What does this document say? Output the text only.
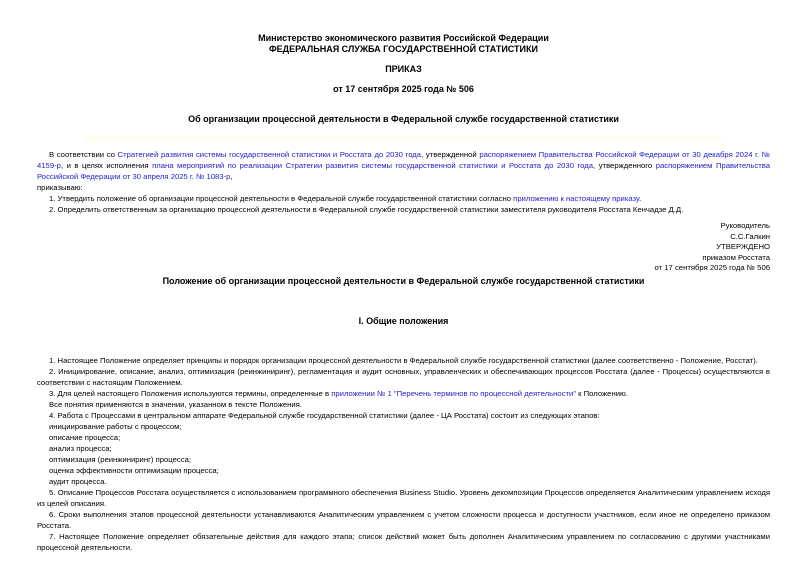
Министерство экономического развития Российской Федерации
ФЕДЕРАЛЬНАЯ СЛУЖБА ГОСУДАРСТВЕННОЙ СТАТИСТИКИ
ПРИКАЗ
от 17 сентября 2025 года № 506
Об организации процессной деятельности в Федеральной службе государственной статистики

В соответствии со Стратегией развития системы государственной статистики и Росстата до 2030 года, утвержденной распоряжением Правительства Российской Федерации от 30 декабря 2024 г. № 4159-р, и в целях исполнения плана мероприятий по реализации Стратегии развития системы государственной статистики и Росстата до 2030 года, утвержденного распоряжением Правительства Российской Федерации от 30 апреля 2025 г. № 1083-р,

приказываю:

1. Утвердить положение об организации процессной деятельности в Федеральной службе государственной статистики согласно приложению к настоящему приказу.

2. Определить ответственным за организацию процессной деятельности в Федеральной службе государственной статистики заместителя руководителя Росстата Кенчадзе Д.Д.

Руководитель
С.С.Галкин
УТВЕРЖДЕНО
приказом Росстата
от 17 сентября 2025 года № 506
Положение об организации процессной деятельности в Федеральной службе государственной статистики
I. Общие положения

1. Настоящее Положение определяет принципы и порядок организации процессной деятельности в Федеральной службе государственной статистики (далее соответственно - Положение, Росстат).

2. Инициирование, описание, анализ, оптимизация (реинжиниринг), регламентация и аудит основных, управленческих и обеспечивающих процессов Росстата (далее - Процессы) осуществляются в соответствии с настоящим Положением.

3. Для целей настоящего Положения используются термины, определенные в приложении № 1 "Перечень терминов по процессной деятельности" к Положению.

Все понятия применяются в значении, указанном в тексте Положения.

4. Работа с Процессами в центральном аппарате Федеральной службе государственной статистики (далее - ЦА Росстата) состоит из следующих этапов:

инициирование работы с процессом;

описание процесса;

анализ процесса;

оптимизация (реинжиниринг) процесса;

оценка эффективности оптимизации процесса;

аудит процесса.

5. Описание Процессов Росстата осуществляется с использованием программного обеспечения Business Studio. Уровень декомпозиции Процессов определяется Аналитическим управлением исходя из целей описания.

6. Сроки выполнения этапов процессной деятельности устанавливаются Аналитическим управлением с учетом сложности процесса и доступности участников, если иное не определено приказом Росстата.

7. Настоящее Положение определяет обязательные действия для каждого этапа; список действий может быть дополнен Аналитическим управлением по согласованию с другими участниками процессной деятельности.
